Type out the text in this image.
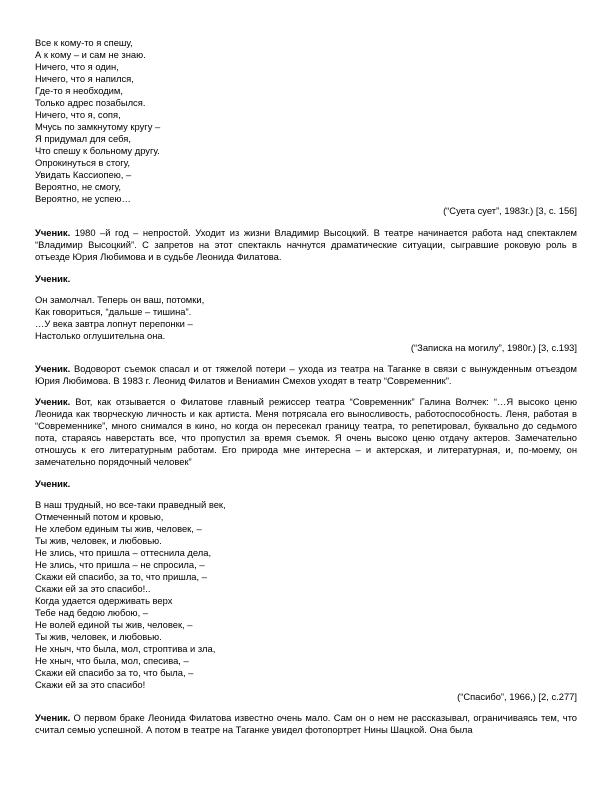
Все к кому-то я спешу,
А к кому – и сам не знаю.
Ничего, что я один,
Ничего, что я напился,
Где-то я необходим,
Только адрес позабылся.
Ничего, что я, сопя,
Мчусь по замкнутому кругу –
Я придумал для себя,
Что спешу к больному другу.
Опрокинуться в стогу,
Увидать Кассиопею, –
Вероятно, не смогу,
Вероятно, не успею…
(“Суета сует”, 1983г.) [3, с. 156]
Ученик. 1980 –й год – непростой. Уходит из жизни Владимир Высоцкий. В театре начинается работа над спектаклем “Владимир Высоцкий”. С запретов на этот спектакль начнутся драматические ситуации, сыгравшие роковую роль в отъезде Юрия Любимова и в судьбе Леонида Филатова.
Ученик.
Он замолчал. Теперь он ваш, потомки,
Как говориться, “дальше – тишина”.
…У века завтра лопнут перепонки –
Настолько оглушительна она.
(“Записка на могилу”, 1980г.) [3, с.193]
Ученик. Водоворот съемок спасал и от тяжелой потери – ухода из театра на Таганке в связи с вынужденным отъездом Юрия Любимова. В 1983 г. Леонид Филатов и Вениамин Смехов уходят в театр “Современник”.
Ученик. Вот, как отзывается о Филатове главный режиссер театра “Современник” Галина Волчек: “…Я высоко ценю Леонида как творческую личность и как артиста. Меня потрясала его выносливость, работоспособность. Леня, работая в “Современнике”, много снимался в кино, но когда он пересекал границу театра, то репетировал, буквально до седьмого пота, стараясь наверстать все, что пропустил за время съемок. Я очень высоко ценю отдачу актеров. Замечательно отношусь к его литературным работам. Его природа мне интересна – и актерская, и литературная, и, по-моему, он замечательно порядочный человек”
Ученик.
В наш трудный, но все-таки праведный век,
Отмеченный потом и кровью,
Не хлебом единым ты жив, человек, –
Ты жив, человек, и любовью.
Не злись, что пришла – оттеснила дела,
Не злись, что пришла – не спросила, –
Скажи ей спасибо, за то, что пришла, –
Скажи ей за это спасибо!..
Когда удается одерживать верх
Тебе над бедою любою, –
Не волей единой ты жив, человек, –
Ты жив, человек, и любовью.
Не хныч, что была, мол, строптива и зла,
Не хныч, что была, мол, спесива, –
Скажи ей спасибо за то, что была, –
Скажи ей за это спасибо!
(“Спасибо”, 1966,) [2, с.277]
Ученик. О первом браке Леонида Филатова известно очень мало. Сам он о нем не рассказывал, ограничиваясь тем, что считал семью успешной. А потом в театре на Таганке увидел фотопортрет Нины Шацкой. Она была
